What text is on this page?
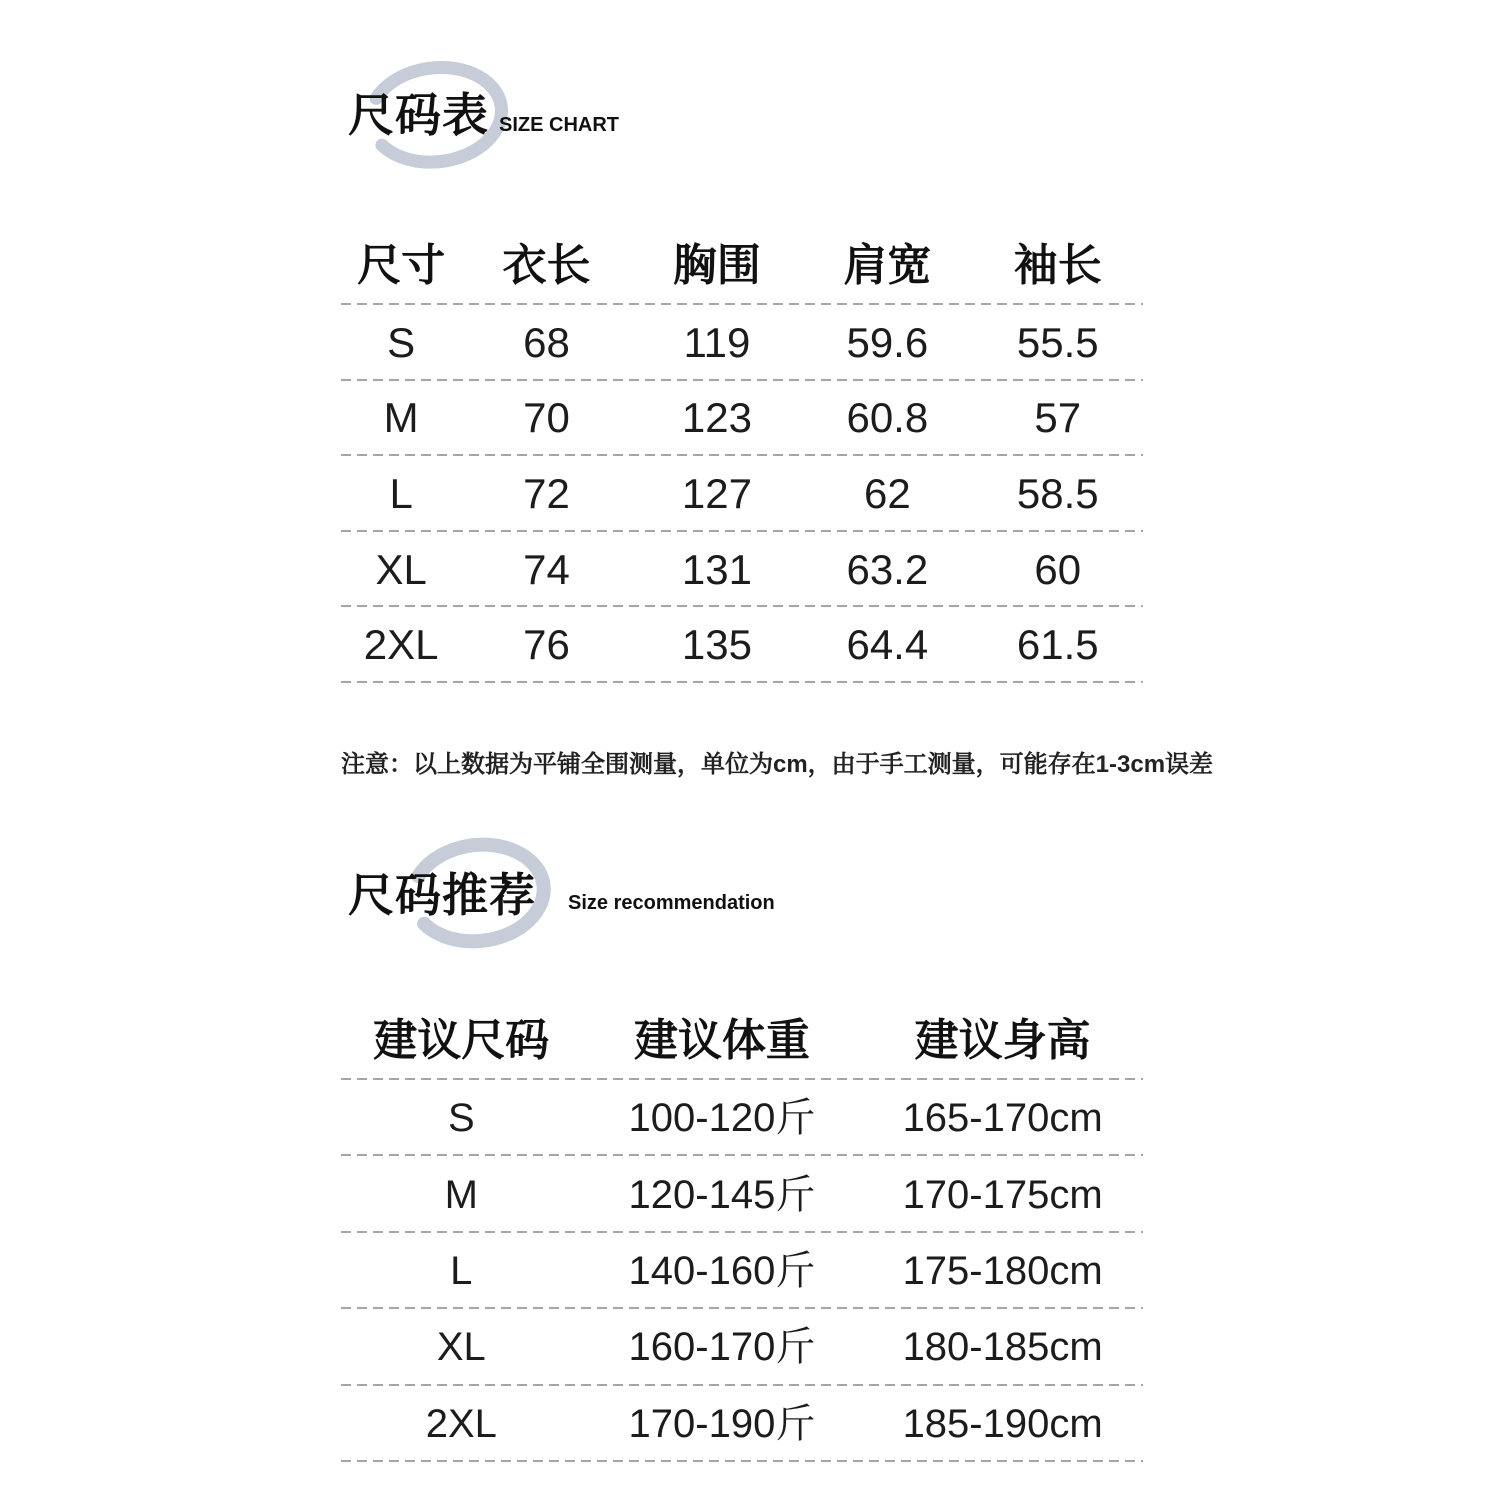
尺码表 SIZE CHART
尺寸 衣长 胸围 肩宽 袖长
S	68	119 59.6 55.5
M 70	123 60.8	57
L	72	127	62	58.5
XL 74	131 63.2	60
2XL 76	135 64.4 61.5
注意：以上数据为平铺全围测量，单位为cm，由于手工测量，可能存在1-3cm误差
尺码推荐 Size recommendation
建议尺码 建议体重 建议身高
S	100-120斤 165-170cm
M	120-145斤 170-175cm
L	140-160斤 175-180cm
XL	160-170斤 180-185cm
2XL	170-190斤 185-190cm
